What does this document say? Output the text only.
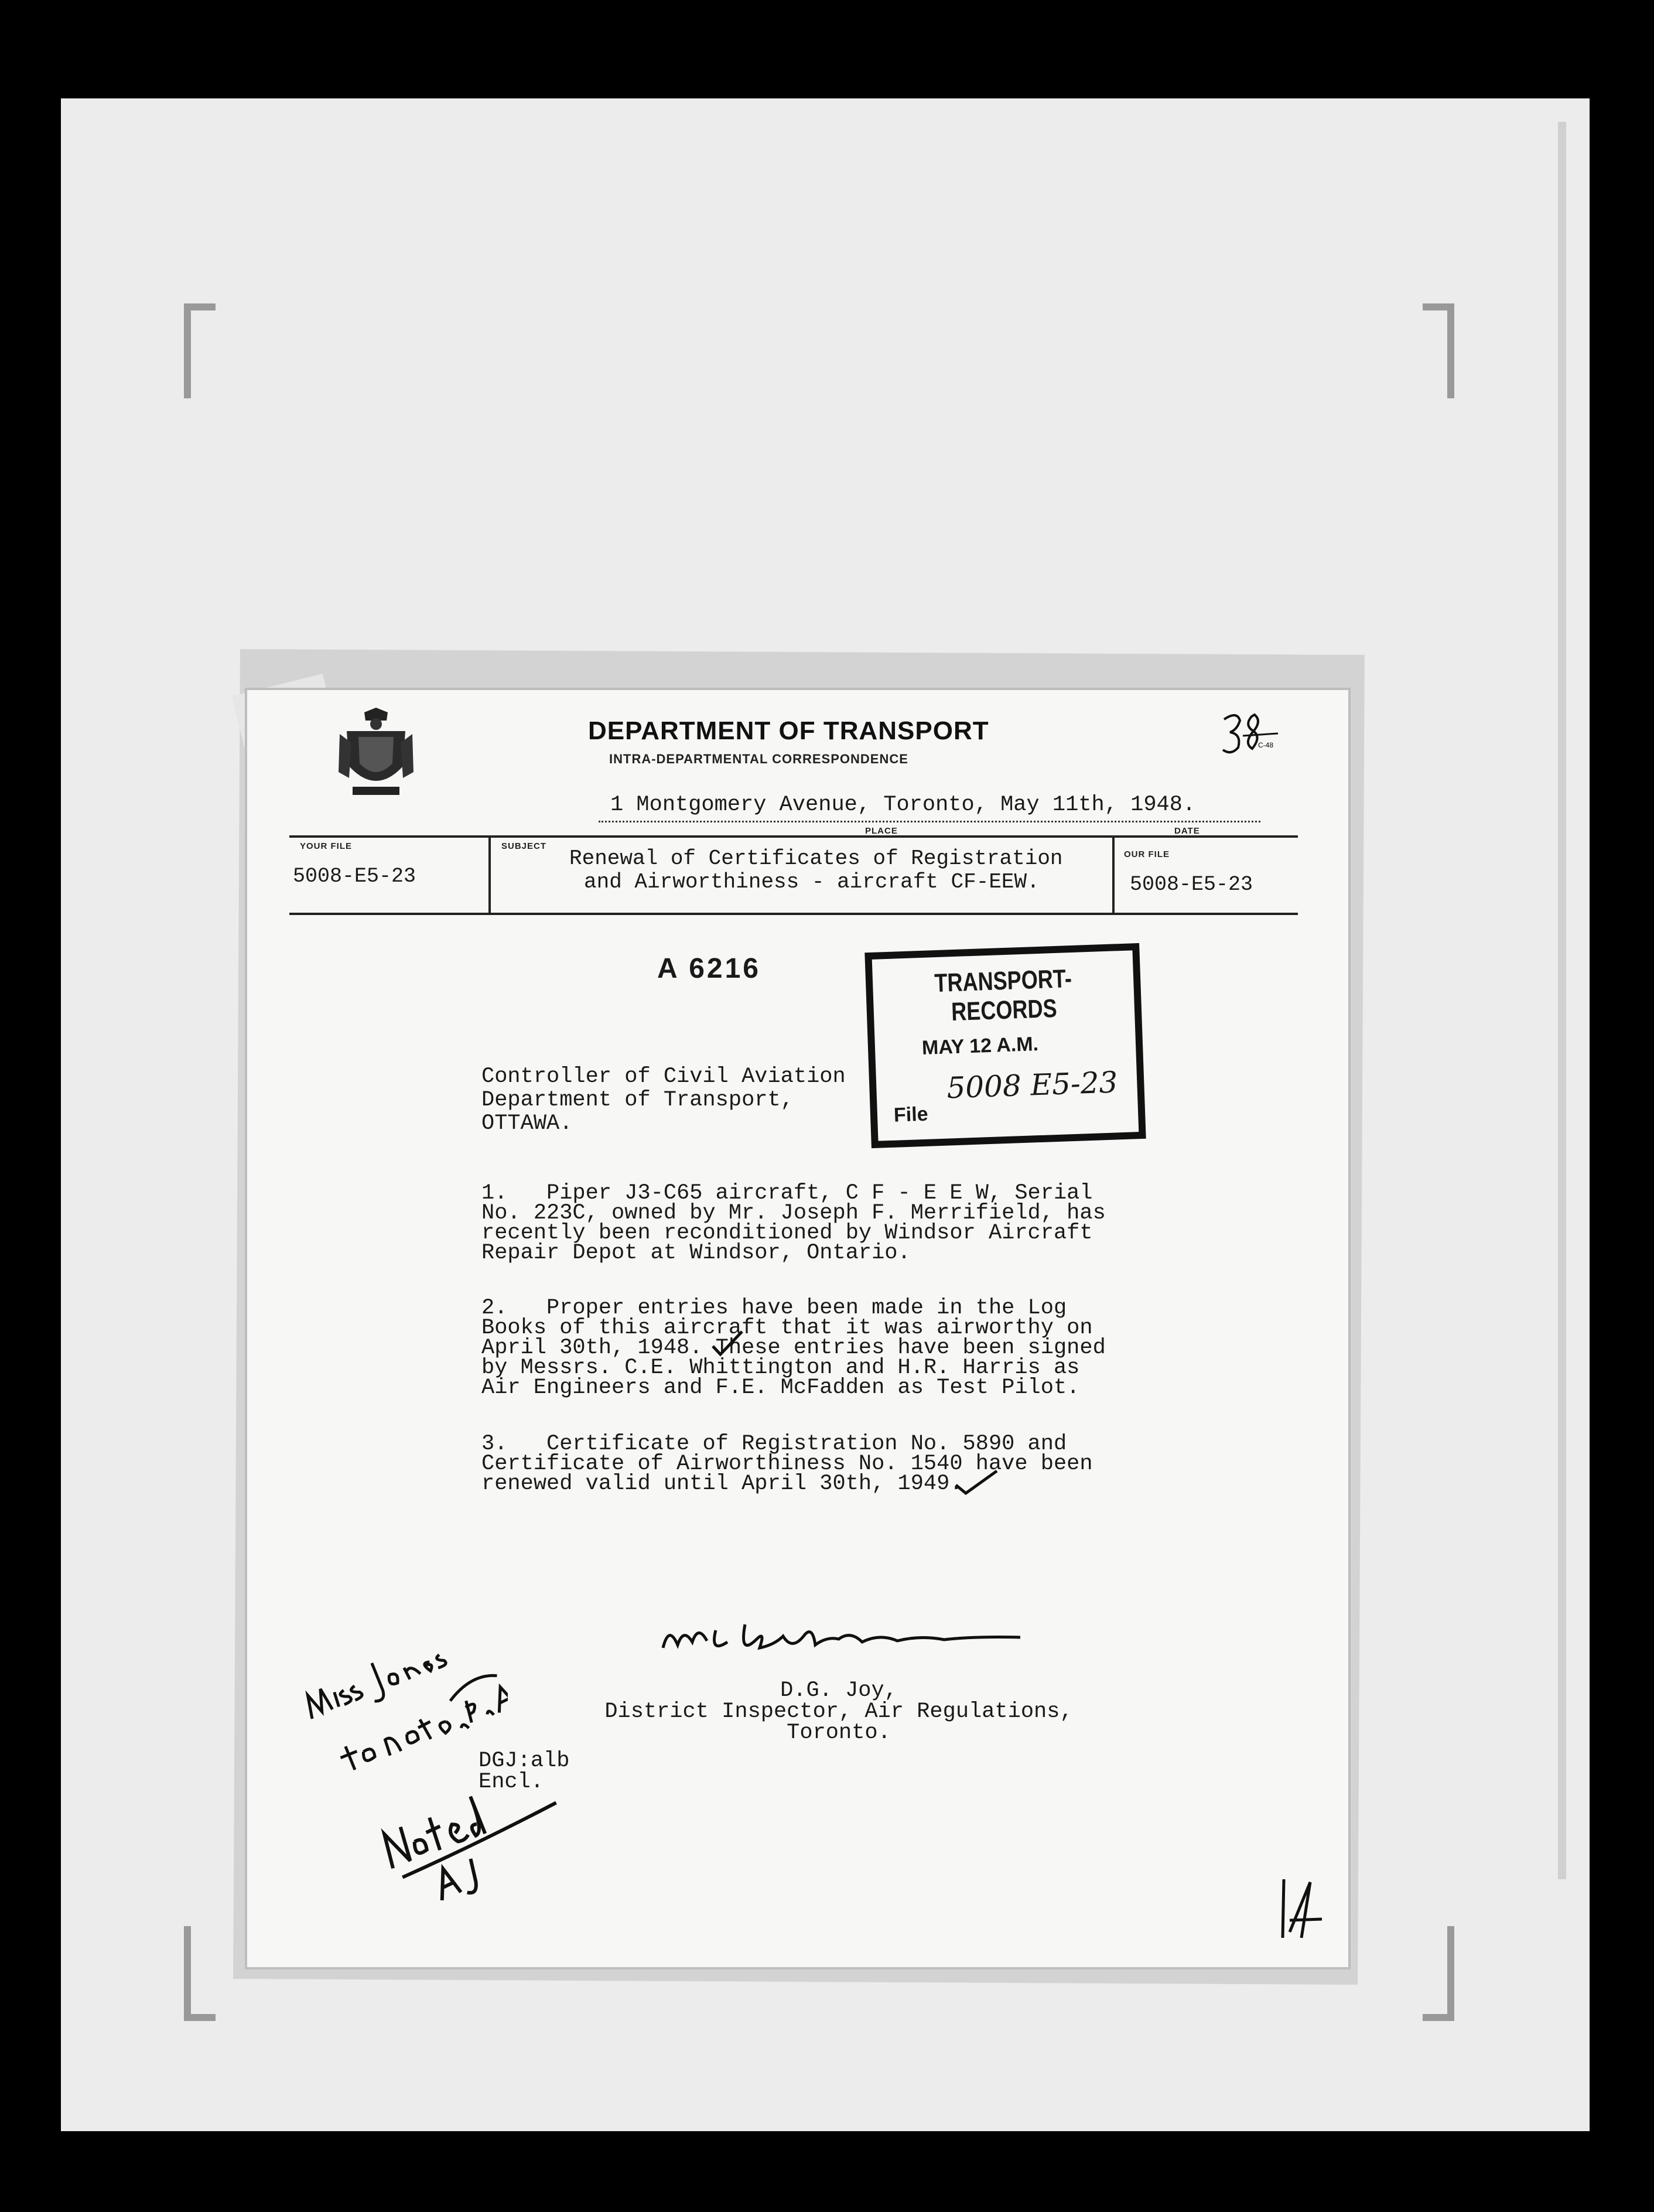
DEPARTMENT OF TRANSPORT
INTRA-DEPARTMENTAL CORRESPONDENCE
C-48
1 Montgomery Avenue, Toronto, May 11th, 1948.
PLACE	DATE
YOUR FILE
5008-E5-23
SUBJECT
Renewal of Certificates of Registration
and Airworthiness - aircraft CF-EEW.
OUR FILE
5008-E5-23
A 6216	TRANSPORT-RECORDS
MAY 12 A.M.
File
5008 E5-23
Controller of Civil Aviation
Department of Transport,
OTTAWA.
1.   Piper J3-C65 aircraft, C F - E E W, Serial
No. 223C, owned by Mr. Joseph F. Merrifield, has
recently been reconditioned by Windsor Aircraft
Repair Depot at Windsor, Ontario.
2.   Proper entries have been made in the Log
Books of this aircraft that it was airworthy on
April 30th, 1948. These entries have been signed
by Messrs. C.E. Whittington and H.R. Harris as
Air Engineers and F.E. McFadden as Test Pilot.
3.   Certificate of Registration No. 5890 and
Certificate of Airworthiness No. 1540 have been
renewed valid until April 30th, 1949.
D.G. Joy,
District Inspector, Air Regulations,
Toronto.
DGJ:alb
Encl.
